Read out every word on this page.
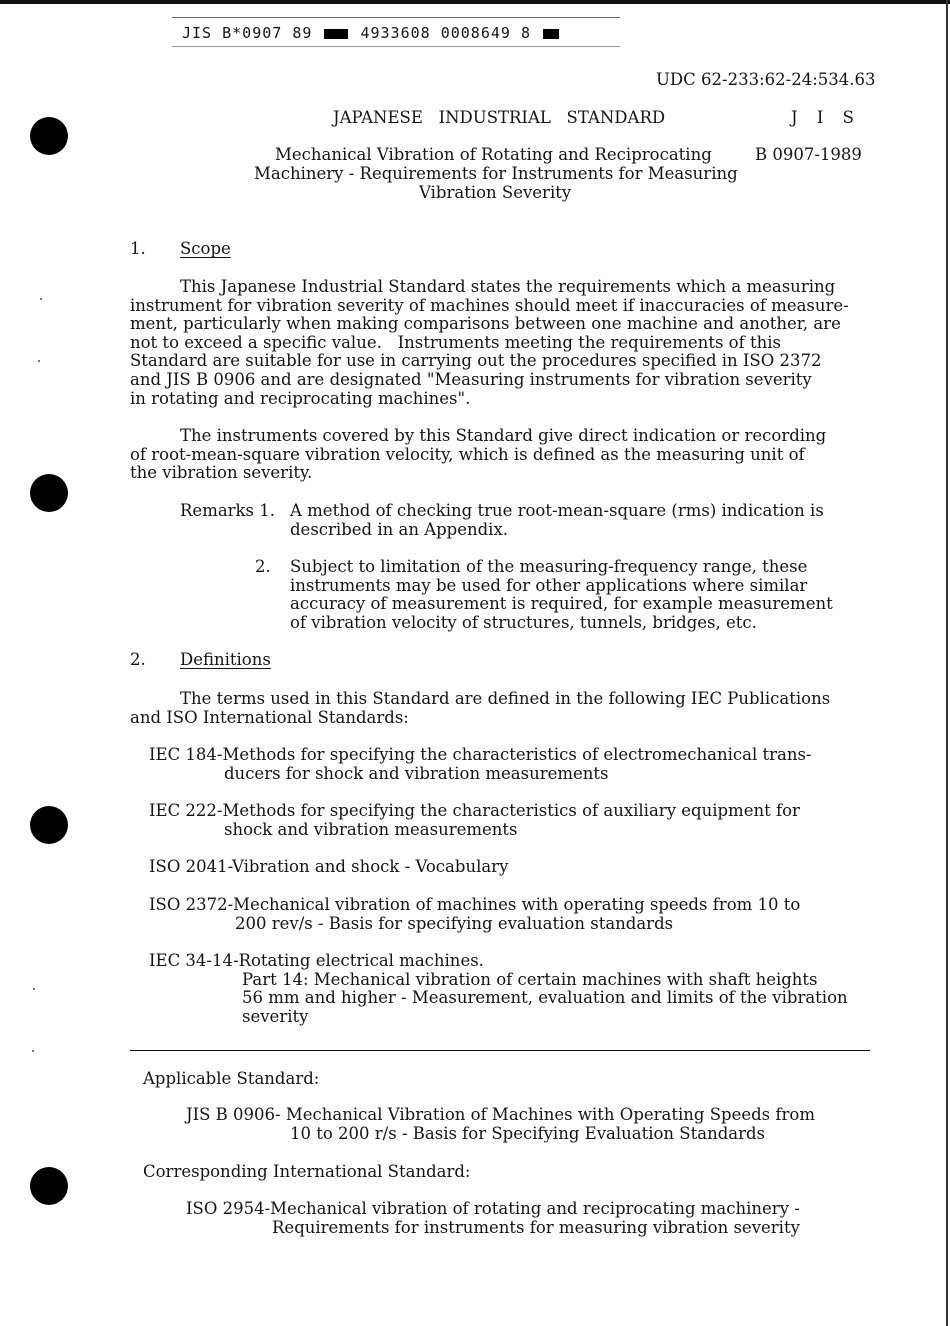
JIS B*0907 89	4933608 0008649 8
UDC 62-233:62-24:534.63
JAPANESE   INDUSTRIAL   STANDARD	J I S
Mechanical Vibration of Rotating and Reciprocating	B 0907-1989
Machinery - Requirements for Instruments for Measuring
Vibration Severity
1. Scope
This Japanese Industrial Standard states the requirements which a measuring
instrument for vibration severity of machines should meet if inaccuracies of measure-
ment, particularly when making comparisons between one machine and another, are
not to exceed a specific value.   Instruments meeting the requirements of this
Standard are suitable for use in carrying out the procedures specified in ISO 2372
and JIS B 0906 and are designated "Measuring instruments for vibration severity
in rotating and reciprocating machines".
The instruments covered by this Standard give direct indication or recording
of root-mean-square vibration velocity, which is defined as the measuring unit of
the vibration severity.
Remarks 1. A method of checking true root-mean-square (rms) indication is
described in an Appendix.
2. Subject to limitation of the measuring-frequency range, these
instruments may be used for other applications where similar
accuracy of measurement is required, for example measurement
of vibration velocity of structures, tunnels, bridges, etc.
2. Definitions
The terms used in this Standard are defined in the following IEC Publications
and ISO International Standards:
IEC 184-Methods for specifying the characteristics of electromechanical trans-
ducers for shock and vibration measurements
IEC 222-Methods for specifying the characteristics of auxiliary equipment for
shock and vibration measurements
ISO 2041-Vibration and shock - Vocabulary
ISO 2372-Mechanical vibration of machines with operating speeds from 10 to
200 rev/s - Basis for specifying evaluation standards
IEC 34-14-Rotating electrical machines.
Part 14: Mechanical vibration of certain machines with shaft heights
56 mm and higher - Measurement, evaluation and limits of the vibration
severity
Applicable Standard:
JIS B 0906- Mechanical Vibration of Machines with Operating Speeds from
10 to 200 r/s - Basis for Specifying Evaluation Standards
Corresponding International Standard:
ISO 2954-Mechanical vibration of rotating and reciprocating machinery -
Requirements for instruments for measuring vibration severity
